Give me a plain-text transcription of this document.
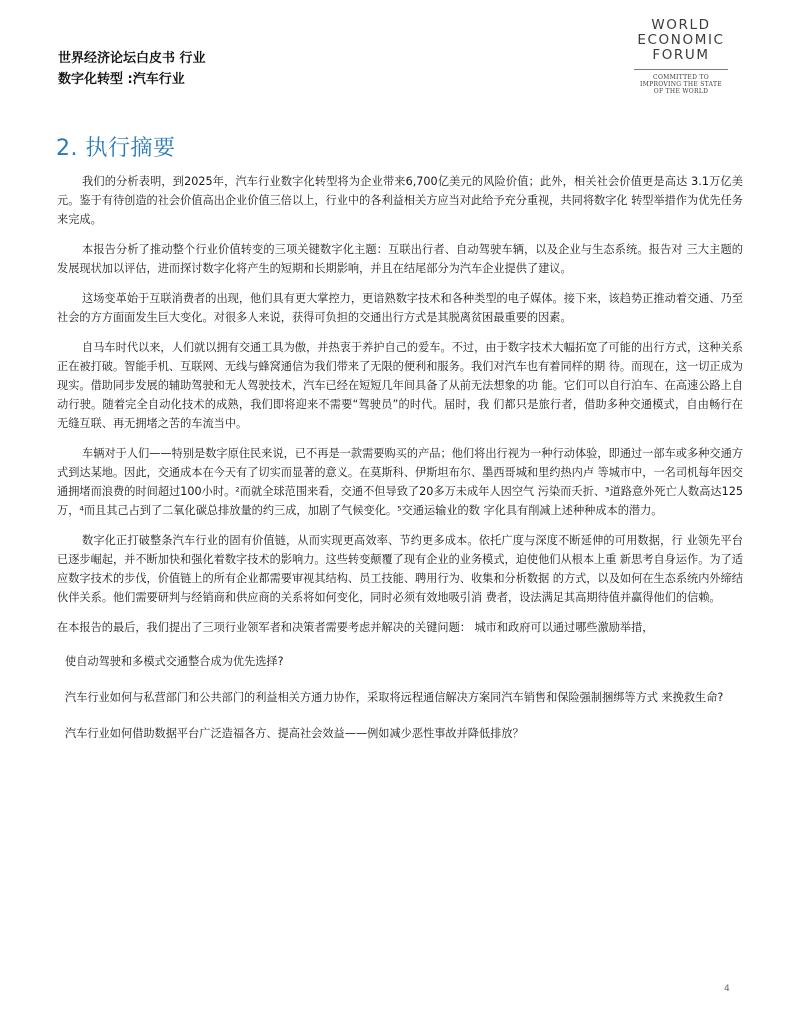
世界经济论坛白皮书 行业
数字化转型 :汽车行业
WORLD
ECONOMIC
FORUM
COMMITTED TO
IMPROVING THE STATE
OF THE WORLD
2. 执行摘要

我们的分析表明，到2025年，汽车行业数字化转型将为企业带来6,700亿美元的风险价值；此外，相关社会价值更是高达 3.1万亿美元。鉴于有待创造的社会价值高出企业价值三倍以上，行业中的各利益相关方应当对此给予充分重视，共同将数字化 转型举措作为优先任务来完成。

本报告分析了推动整个行业价值转变的三项关键数字化主题：互联出行者、自动驾驶车辆，以及企业与生态系统。报告对 三大主题的发展现状加以评估，进而探讨数字化将产生的短期和长期影响，并且在结尾部分为汽车企业提供了建议。

这场变革始于互联消费者的出现，他们具有更大掌控力，更谙熟数字技术和各种类型的电子媒体。接下来，该趋势正推动着交通、乃至社会的方方面面发生巨大变化。对很多人来说，获得可负担的交通出行方式是其脱离贫困最重要的因素。

自马车时代以来，人们就以拥有交通工具为傲，并热衷于养护自己的爱车。不过，由于数字技术大幅拓宽了可能的出行方式，这种关系正在被打破。智能手机、互联网、无线与蜂窝通信为我们带来了无限的便利和服务。我们对汽车也有着同样的期 待。而现在，这一切正成为现实。借助同步发展的辅助驾驶和无人驾驶技术，汽车已经在短短几年间具备了从前无法想象的功 能。它们可以自行泊车、在高速公路上自动行驶。随着完全自动化技术的成熟，我们即将迎来不需要“驾驶员”的时代。届时，我 们都只是旅行者，借助多种交通模式，自由畅行在无缝互联、再无拥堵之苦的车流当中。

车辆对于人们——特别是数字原住民来说，已不再是一款需要购买的产品；他们将出行视为一种行动体验，即通过一部车或多种交通方式到达某地。因此，交通成本在今天有了切实而显著的意义。在莫斯科、伊斯坦布尔、墨西哥城和里约热内卢 等城市中，一名司机每年因交通拥堵而浪费的时间超过100小时。²而就全球范围来看，交通不但导致了20多万未成年人因空气 污染而夭折、³道路意外死亡人数高达125万，⁴而且其己占到了二氧化碳总排放量的约三成，加剧了气候变化。⁵交通运输业的数 字化具有削减上述种种成本的潜力。

数字化正打破整条汽车行业的固有价值链，从而实现更高效率、节约更多成本。依托广度与深度不断延伸的可用数据，行 业领先平台已逐步崛起，并不断加快和强化着数字技术的影响力。这些转变颠覆了现有企业的业务模式，迫使他们从根本上重 新思考自身运作。为了适应数字技术的步伐，价值链上的所有企业都需要审视其结构、员工技能、聘用行为、收集和分析数据 的方式，以及如何在生态系统内外缔结伙伴关系。他们需要研判与经销商和供应商的关系将如何变化，同时必须有效地吸引消 费者，设法满足其高期待值并赢得他们的信赖。

在本报告的最后，我们提出了三项行业领军者和决策者需要考虑并解决的关键问题： 城市和政府可以通过哪些激励举措，

使自动驾驶和多模式交通整合成为优先选择?

汽车行业如何与私营部门和公共部门的利益相关方通力协作，采取将远程通信解决方案同汽车销售和保险强制捆绑等方式 来挽救生命?

汽车行业如何借助数据平台广泛造福各方、提高社会效益——例如减少恶性事故并降低排放？

4
